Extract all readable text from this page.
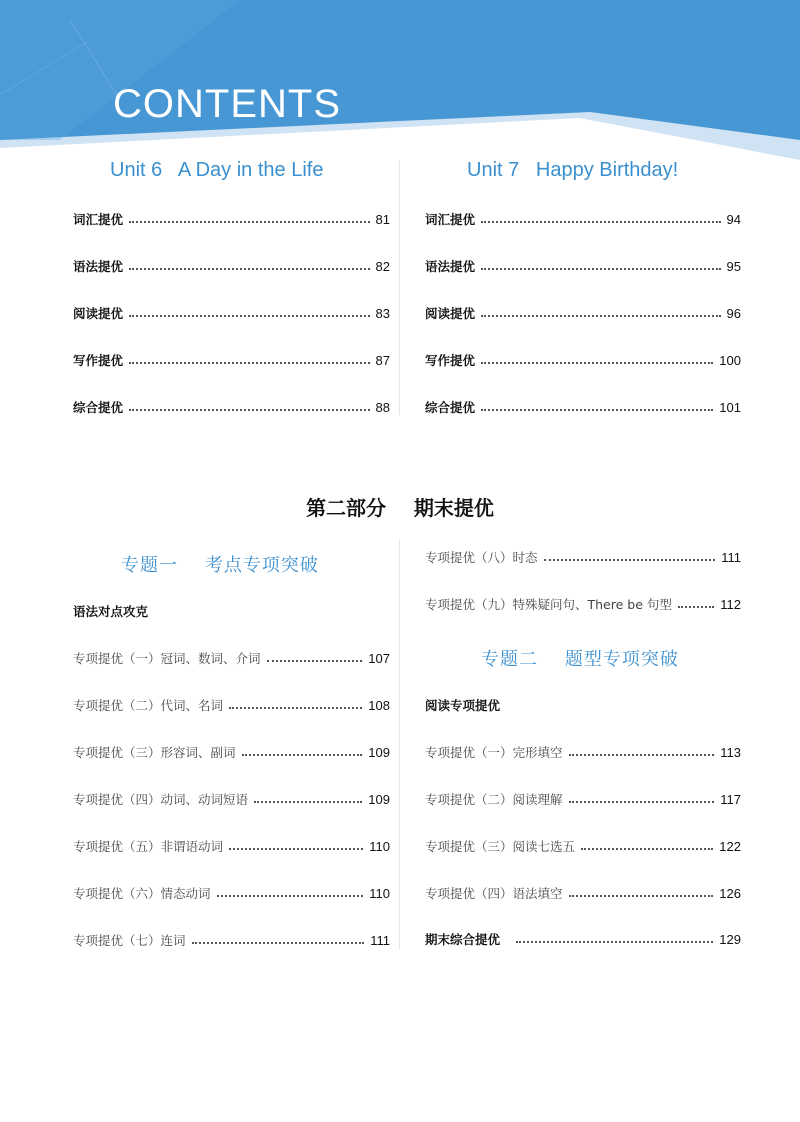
CONTENTS
Unit 6   A Day in the Life	Unit 7   Happy Birthday!
第二部分    期末提优
专题一    考点专项突破
语法对点攻克
专题二    题型专项突破
阅读专项提优
期末综合提优	129
词汇提优	81
语法提优	82
阅读提优	83
写作提优	87
综合提优	88
词汇提优	94
语法提优	95
阅读提优	96
写作提优	100
综合提优	101
专项提优（一）冠词、数词、介词	107
专项提优（二）代词、名词	108
专项提优（三）形容词、副词	109
专项提优（四）动词、动词短语	109
专项提优（五）非谓语动词	110
专项提优（六）情态动词	110
专项提优（七）连词	111
专项提优（八）时态	111
专项提优（九）特殊疑问句、There be 句型	112
专项提优（一）完形填空	113
专项提优（二）阅读理解	117
专项提优（三）阅读七选五	122
专项提优（四）语法填空	126
